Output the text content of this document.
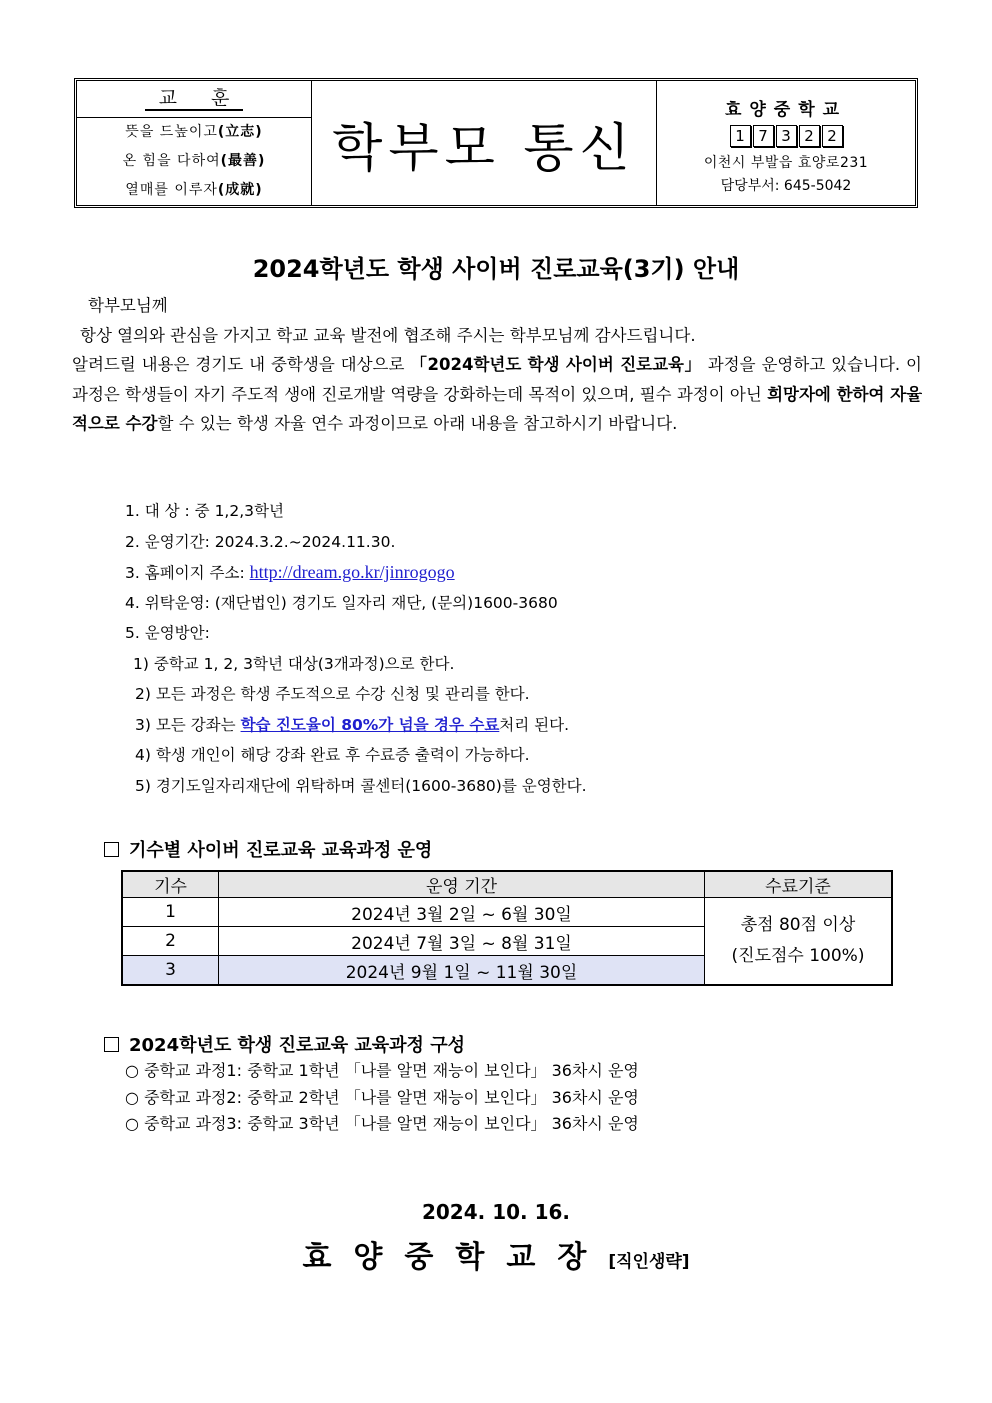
교 훈
뜻을 드높이고(立志)
온 힘을 다하여(最善)
열매를 이루자(成就)
학부모 통신
효양중학교
1 7 3 2 2
이천시 부발읍 효양로231
담당부서: 645-5042
2024학년도 학생 사이버 진로교육(3기) 안내
학부모님께
항상 열의와 관심을 가지고 학교 교육 발전에 협조해 주시는 학부모님께 감사드립니다.
알려드릴 내용은 경기도 내 중학생을 대상으로 「2024학년도 학생 사이버 진로교육」 과정을 운영하고 있습니다. 이 과정은 학생들이 자기 주도적 생애 진로개발 역량을 강화하는데 목적이 있으며, 필수 과정이 아닌 희망자에 한하여 자율적으로 수강할 수 있는 학생 자율 연수 과정이므로 아래 내용을 참고하시기 바랍니다.
1. 대 상 : 중 1,2,3학년
2. 운영기간: 2024.3.2.~2024.11.30.
3. 홈페이지 주소: http://dream.go.kr/jinrogogo
4. 위탁운영: (재단법인) 경기도 일자리 재단, (문의)1600-3680
5. 운영방안:
1) 중학교 1, 2, 3학년 대상(3개과정)으로 한다.
2) 모든 과정은 학생 주도적으로 수강 신청 및 관리를 한다.
3) 모든 강좌는 학습 진도율이 80%가 넘을 경우 수료처리 된다.
4) 학생 개인이 해당 강좌 완료 후 수료증 출력이 가능하다.
5) 경기도일자리재단에 위탁하며 콜센터(1600-3680)를 운영한다.
기수별 사이버 진로교육 교육과정 운영
기수	운영 기간	수료기준
1	2024년 3월 2일 ~ 6월 30일	총점 80점 이상
(진도점수 100%)

2	2024년 7월 3일 ~ 8월 31일	
3	2024년 9월 1일 ~ 11월 30일	
2024학년도 학생 진로교육 교육과정 구성
○ 중학교 과정1: 중학교 1학년 「나를 알면 재능이 보인다」 36차시 운영
○ 중학교 과정2: 중학교 2학년 「나를 알면 재능이 보인다」 36차시 운영
○ 중학교 과정3: 중학교 3학년 「나를 알면 재능이 보인다」 36차시 운영
2024. 10. 16.
효양중학교장[직인생략]
